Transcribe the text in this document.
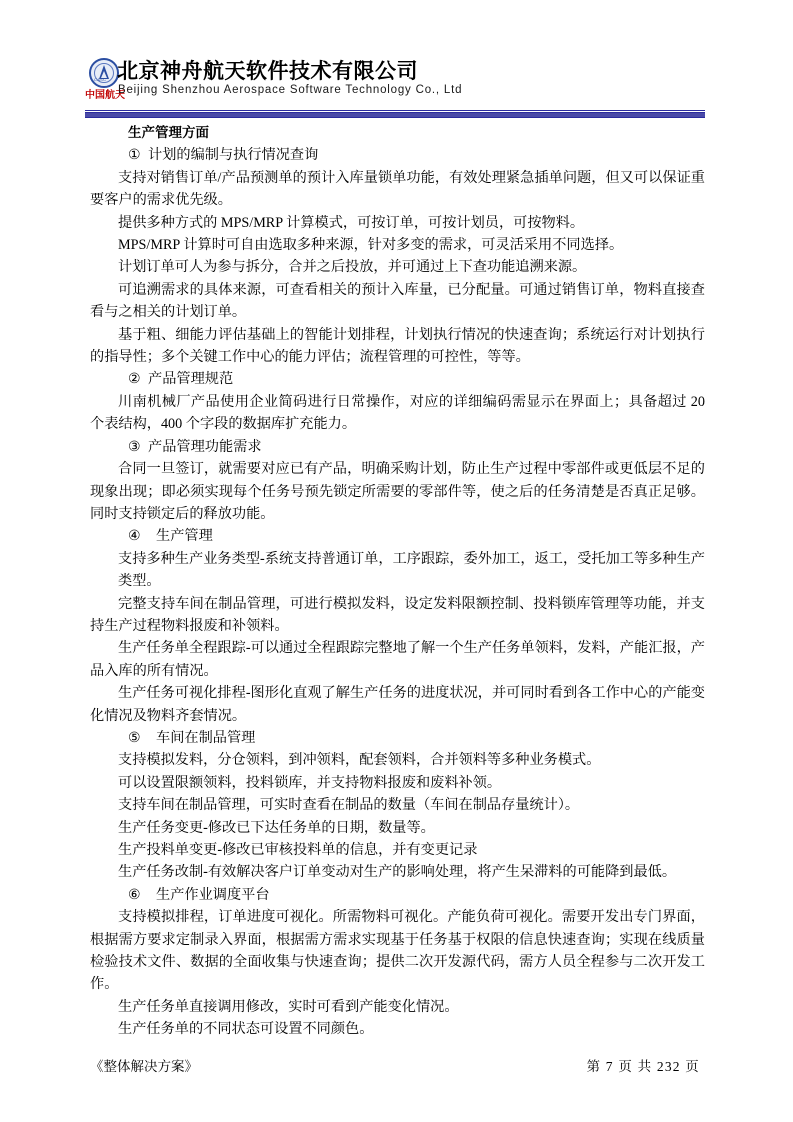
CASC
中国航天
北京神舟航天软件技术有限公司
Beijing Shenzhou Aerospace Software Technology Co., Ltd

生产管理方面

① 计划的编制与执行情况查询

支持对销售订单/产品预测单的预计入库量锁单功能，有效处理紧急插单问题，但又可以保证重要客户的需求优先级。

提供多种方式的 MPS/MRP 计算模式，可按订单，可按计划员，可按物料。

MPS/MRP 计算时可自由选取多种来源，针对多变的需求，可灵活采用不同选择。

计划订单可人为参与拆分，合并之后投放，并可通过上下查功能追溯来源。

可追溯需求的具体来源，可查看相关的预计入库量，已分配量。可通过销售订单，物料直接查看与之相关的计划订单。

基于粗、细能力评估基础上的智能计划排程，计划执行情况的快速查询；系统运行对计划执行的指导性；多个关键工作中心的能力评估；流程管理的可控性，等等。

② 产品管理规范

川南机械厂产品使用企业简码进行日常操作，对应的详细编码需显示在界面上；具备超过 20 个表结构，400 个字段的数据库扩充能力。

③ 产品管理功能需求

合同一旦签订，就需要对应已有产品，明确采购计划，防止生产过程中零部件或更低层不足的现象出现；即必须实现每个任务号预先锁定所需要的零部件等，使之后的任务清楚是否真正足够。同时支持锁定后的释放功能。

④ 生产管理

支持多种生产业务类型-系统支持普通订单，工序跟踪，委外加工，返工，受托加工等多种生产类型。

完整支持车间在制品管理，可进行模拟发料，设定发料限额控制、投料锁库管理等功能，并支持生产过程物料报废和补领料。

生产任务单全程跟踪-可以通过全程跟踪完整地了解一个生产任务单领料，发料，产能汇报，产品入库的所有情况。

生产任务可视化排程-图形化直观了解生产任务的进度状况，并可同时看到各工作中心的产能变化情况及物料齐套情况。

⑤ 车间在制品管理

支持模拟发料，分仓领料，到冲领料，配套领料，合并领料等多种业务模式。

可以设置限额领料，投料锁库，并支持物料报废和废料补领。

支持车间在制品管理，可实时查看在制品的数量（车间在制品存量统计）。

生产任务变更-修改已下达任务单的日期，数量等。

生产投料单变更-修改已审核投料单的信息，并有变更记录

生产任务改制-有效解决客户订单变动对生产的影响处理，将产生呆滞料的可能降到最低。

⑥ 生产作业调度平台

支持模拟排程，订单进度可视化。所需物料可视化。产能负荷可视化。需要开发出专门界面，根据需方要求定制录入界面，根据需方需求实现基于任务基于权限的信息快速查询；实现在线质量检验技术文件、数据的全面收集与快速查询；提供二次开发源代码，需方人员全程参与二次开发工作。

生产任务单直接调用修改，实时可看到产能变化情况。

生产任务单的不同状态可设置不同颜色。

《整体解决方案》	第 7 页 共 232 页
